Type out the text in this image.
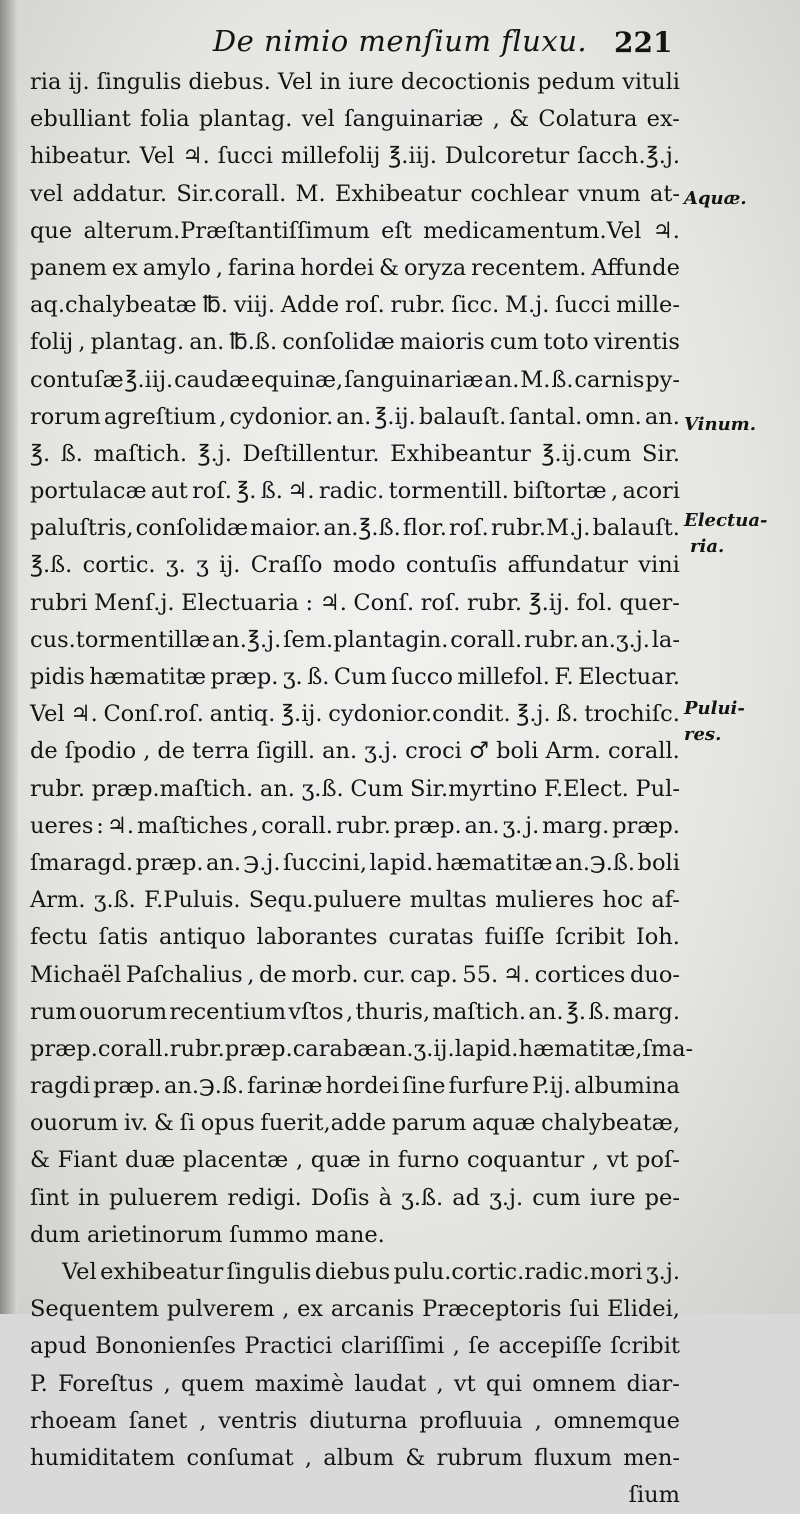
De nimio menſium fluxu. 221
ria ij. ſingulis diebus. Vel in iure decoctionis pedum vituli
ebulliant folia plantag. vel ſanguinariæ , & Colatura ex-
hibeatur. Vel ♃. ſucci millefolij ℥.iij. Dulcoretur ſacch.℥.j.
vel addatur. Sir.corall. M. Exhibeatur cochlear vnum at-
que alterum.Præſtantiſſimum eſt medicamentum.Vel ♃.
panem ex amylo , farina hordei & oryza recentem. Affunde
aq.chalybeatæ ℔. viij. Adde roſ. rubr. ſicc. M.j. ſucci mille-
folij , plantag. an. ℔.ß. conſolidæ maioris cum toto virentis
contuſæ ℥.iij. caudæ equinæ, ſanguinariæ an. M. ß. carnis py-
rorum agreſtium , cydonior. an. ℥.ij. balauſt. ſantal. omn. an.
℥. ß. maſtich. ℥.j. Deſtillentur. Exhibeantur ℥.ij.cum Sir.
portulacæ aut roſ. ℥. ß. ♃. radic. tormentill. biſtortæ , acori
paluſtris, conſolidæ maior. an.℥.ß. flor. roſ. rubr.M.j. balauſt.
℥.ß. cortic. ʒ. ʒ ij. Craſſo modo contuſis affundatur vini
rubri Menſ.j. Electuaria : ♃. Conſ. roſ. rubr. ℥.ij. fol. quer-
cus.tormentillæ an.℥.j. ſem.plantagin. corall. rubr. an.ʒ.j. la-
pidis hæmatitæ præp. ʒ. ß. Cum ſucco millefol. F. Electuar.
Vel ♃. Conſ.roſ. antiq. ℥.ij. cydonior.condit. ℥.j. ß. trochiſc.
de ſpodio , de terra ſigill. an. ʒ.j. croci ♂ boli Arm. corall.
rubr. præp.maſtich. an. ʒ.ß. Cum Sir.myrtino F.Elect. Pul-
ueres : ♃. maſtiches , corall. rubr. præp. an. ʒ. j. marg. præp.
ſmaragd. præp. an. ℈.j. ſuccini, lapid. hæmatitæ an.℈.ß. boli
Arm. ʒ.ß. F.Puluis. Sequ.puluere multas mulieres hoc af-
fectu ſatis antiquo laborantes curatas fuiſſe ſcribit Ioh.
Michaël Paſchalius , de morb. cur. cap. 55. ♃. cortices duo-
rum ouorum recentium vſtos , thuris, maſtich. an. ℥. ß. marg.
præp. corall.rubr.præp. carabæ an. ʒ.ij. lapid.hæmatitæ,ſma-
ragdi præp. an.℈.ß. farinæ hordei ſine furfure P.ij. albumina
ouorum iv. & ſi opus fuerit,adde parum aquæ chalybeatæ,
& Fiant duæ placentæ , quæ in furno coquantur , vt poſ-
ſint in puluerem redigi. Doſis à ʒ.ß. ad ʒ.j. cum iure pe-
dum arietinorum ſummo mane.
Vel exhibeatur ſingulis diebus pulu.cortic.radic.mori ʒ.j.
Sequentem pulverem , ex arcanis Præceptoris ſui Elidei,
apud Bononienſes Practici clariſſimi , ſe accepiſſe ſcribit
P. Foreſtus , quem maximè laudat , vt qui omnem diar-
rhoeam ſanet , ventris diuturna profluuia , omnemque
humiditatem conſumat , album & rubrum fluxum men-
ſium
Aquæ.
Vinum.
Electua-
ria.
Pului-
res.
